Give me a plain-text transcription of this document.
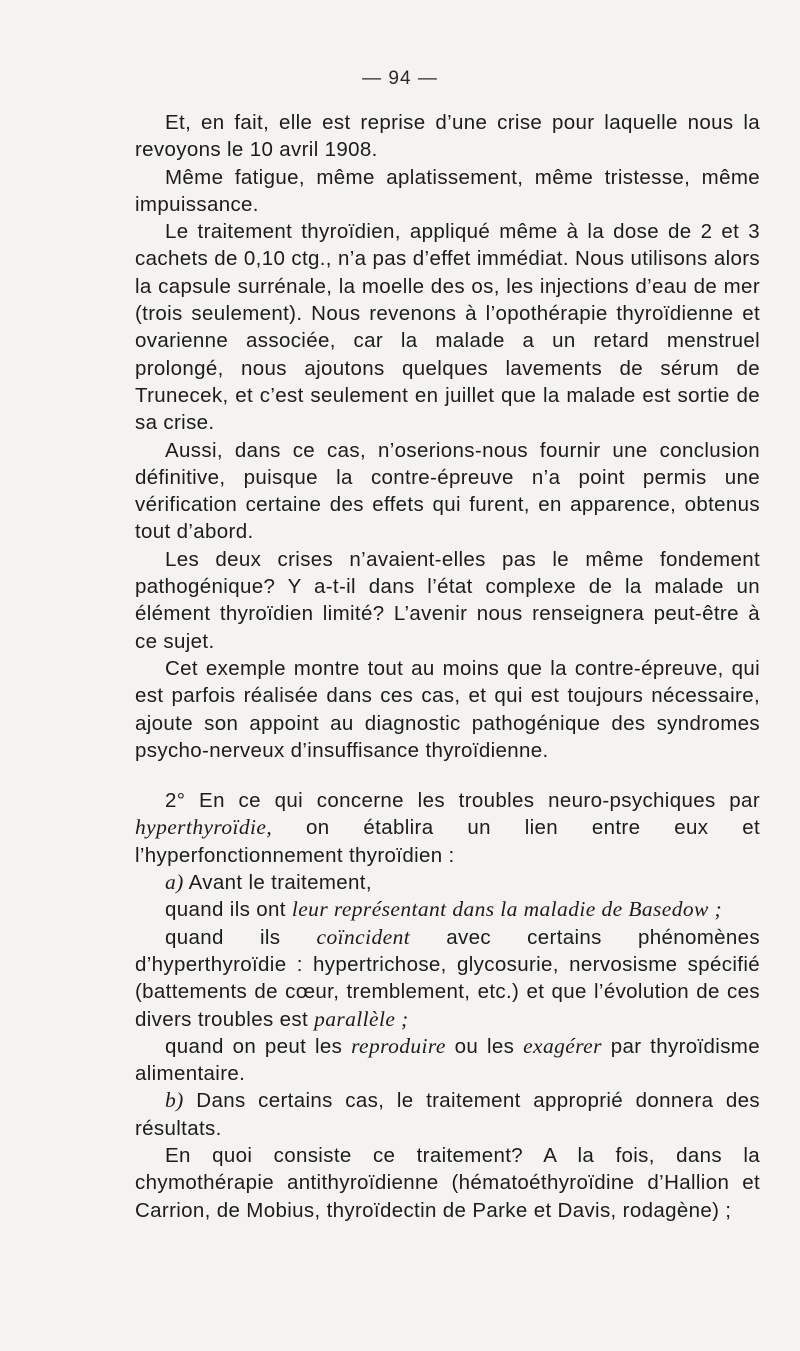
— 94 —

Et, en fait, elle est reprise d’une crise pour laquelle nous la revoyons le 10 avril 1908.

Même fatigue, même aplatissement, même tristesse, même impuissance.

Le traitement thyroïdien, appliqué même à la dose de 2 et 3 cachets de 0,10 ctg., n’a pas d’effet immédiat. Nous utilisons alors la capsule surrénale, la moelle des os, les injections d’eau de mer (trois seulement). Nous revenons à l’opothérapie thyroïdienne et ovarienne associée, car la malade a un retard menstruel prolongé, nous ajoutons quelques lavements de sérum de Trunecek, et c’est seulement en juillet que la malade est sortie de sa crise.

Aussi, dans ce cas, n’oserions-nous fournir une conclusion définitive, puisque la contre-épreuve n’a point permis une vérification certaine des effets qui furent, en apparence, obtenus tout d’abord.

Les deux crises n’avaient-elles pas le même fondement pathogénique? Y a-t-il dans l’état complexe de la malade un élément thyroïdien limité? L’avenir nous renseignera peut-être à ce sujet.

Cet exemple montre tout au moins que la contre-épreuve, qui est parfois réalisée dans ces cas, et qui est toujours nécessaire, ajoute son appoint au diagnostic pathogénique des syndromes psycho-nerveux d’insuffisance thyroïdienne.

2° En ce qui concerne les troubles neuro-psychiques par hyperthyroïdie, on établira un lien entre eux et l’hyperfonctionnement thyroïdien :

a) Avant le traitement,

quand ils ont leur représentant dans la maladie de Basedow ;

quand ils coïncident avec certains phénomènes d’hyperthyroïdie : hypertrichose, glycosurie, nervosisme spécifié (battements de cœur, tremblement, etc.) et que l’évolution de ces divers troubles est parallèle ;

quand on peut les reproduire ou les exagérer par thyroïdisme alimentaire.

b) Dans certains cas, le traitement approprié donnera des résultats.

En quoi consiste ce traitement? A la fois, dans la chymothérapie antithyroïdienne (hématoéthyroïdine d’Hallion et Carrion, de Mobius, thyroïdectin de Parke et Davis, rodagène) ;
